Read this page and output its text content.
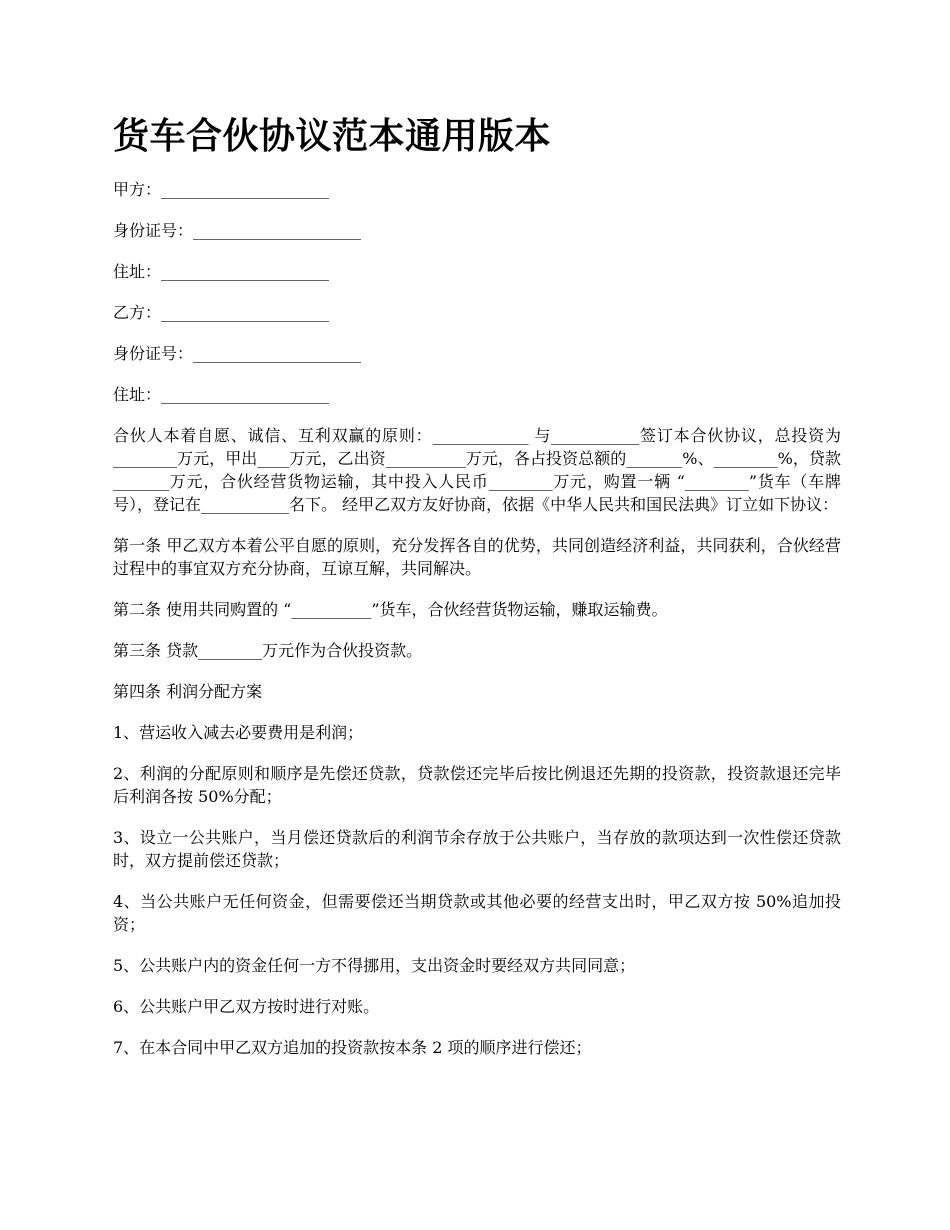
货车合伙协议范本通用版本
甲方：_____________________
身份证号：_____________________
住址：_____________________
乙方：_____________________
身份证号：_____________________
住址：_____________________

合伙人本着自愿、诚信、互利双赢的原则：____________ 与___________签订本合伙协议，总投资为________万元，甲出____万元，乙出资__________万元，各占投资总额的_______%、________%，贷款_______万元，合伙经营货物运输，其中投入人民币________万元，购置一辆 “________”货车（车牌号），登记在___________名下。 经甲乙双方友好协商，依据《中华人民共和国民法典》订立如下协议：

第一条 甲乙双方本着公平自愿的原则，充分发挥各自的优势，共同创造经济利益，共同获利，合伙经营过程中的事宜双方充分协商，互谅互解，共同解决。

第二条 使用共同购置的 “__________”货车，合伙经营货物运输，赚取运输费。

第三条 贷款________万元作为合伙投资款。

第四条 利润分配方案

1、营运收入减去必要费用是利润；

2、利润的分配原则和顺序是先偿还贷款，贷款偿还完毕后按比例退还先期的投资款，投资款退还完毕后利润各按 50%分配；

3、设立一公共账户，当月偿还贷款后的利润节余存放于公共账户，当存放的款项达到一次性偿还贷款时，双方提前偿还贷款；

4、当公共账户无任何资金，但需要偿还当期贷款或其他必要的经营支出时，甲乙双方按 50%追加投资；

5、公共账户内的资金任何一方不得挪用，支出资金时要经双方共同同意；

6、公共账户甲乙双方按时进行对账。

7、在本合同中甲乙双方追加的投资款按本条 2 项的顺序进行偿还；
